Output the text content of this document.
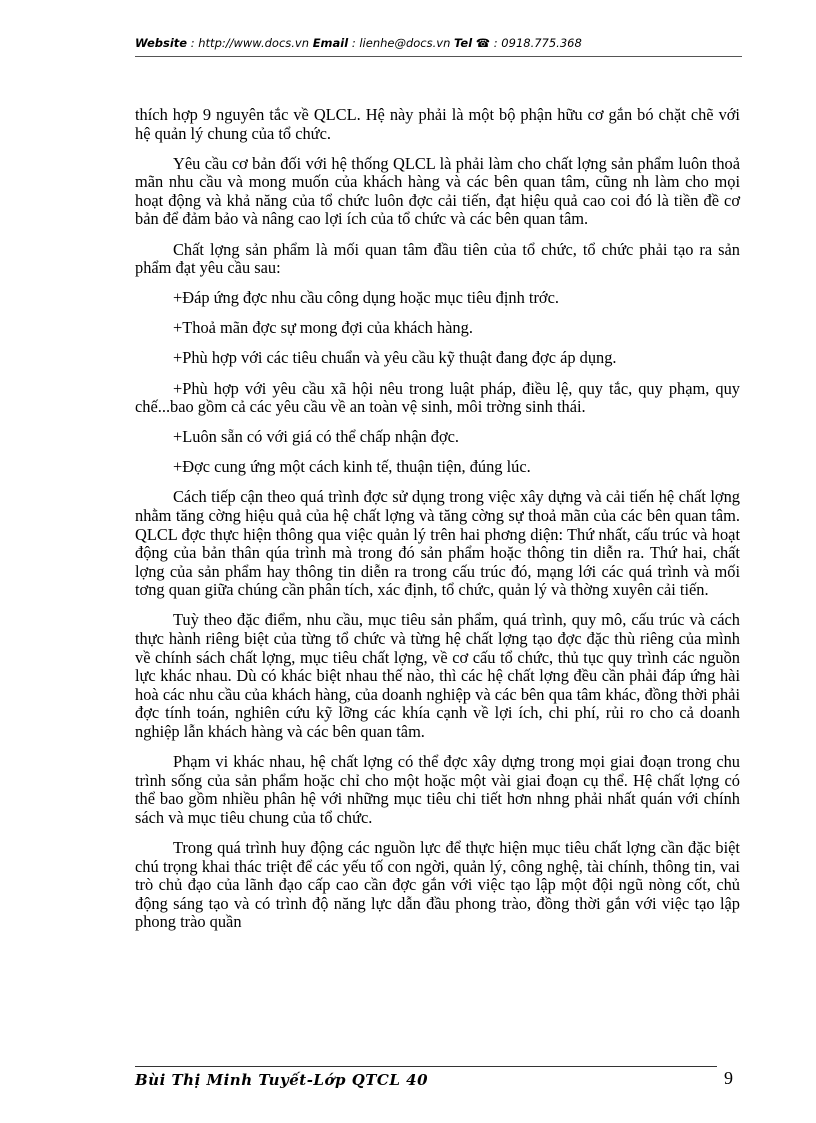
Website : http://www.docs.vn Email : lienhe@docs.vn Tel ☎ : 0918.775.368

thích hợp 9 nguyên tắc về QLCL. Hệ này phải là một bộ phận hữu cơ gắn bó chặt chẽ với hệ quản lý chung của tổ chức.

Yêu cầu cơ bản đối với hệ thống QLCL là phải làm cho chất lợng sản phẩm luôn thoả mãn nhu cầu và mong muốn của khách hàng và các bên quan tâm, cũng nh làm cho mọi hoạt động và khả năng của tổ chức luôn đợc cải tiến, đạt hiệu quả cao coi đó là tiền đề cơ bản để đảm bảo và nâng cao lợi ích của tổ chức và các bên quan tâm.

Chất lợng sản phẩm là mối quan tâm đầu tiên của tổ chức, tổ chức phải tạo ra sản phẩm đạt yêu cầu sau:

+Đáp ứng đợc nhu cầu công dụng hoặc mục tiêu định trớc.

+Thoả mãn đợc sự mong đợi của khách hàng.

+Phù hợp với các tiêu chuẩn và yêu cầu kỹ thuật đang đợc áp dụng.

+Phù hợp với yêu cầu xã hội nêu trong luật pháp, điều lệ, quy tắc, quy phạm, quy chế...bao gồm cả các yêu cầu về an toàn vệ sinh, môi trờng sinh thái.

+Luôn sẵn có với giá có thể chấp nhận đợc.

+Đợc cung ứng một cách kinh tế, thuận tiện, đúng lúc.

Cách tiếp cận theo quá trình đợc sử dụng trong việc xây dựng và cải tiến hệ chất lợng nhằm tăng cờng hiệu quả của hệ chất lợng và tăng cờng sự thoả mãn của các bên quan tâm. QLCL đợc thực hiện thông qua việc quản lý trên hai phơng diện: Thứ nhất, cấu trúc và hoạt động của bản thân qúa trình mà trong đó sản phẩm hoặc thông tin diễn ra. Thứ hai, chất lợng của sản phẩm hay thông tin diễn ra trong cấu trúc đó, mạng lới các quá trình và mối tơng quan giữa chúng cần phân tích, xác định, tổ chức, quản lý và thờng xuyên cải tiến.

Tuỳ theo đặc điểm, nhu cầu, mục tiêu sản phẩm, quá trình, quy mô, cấu trúc và cách thực hành riêng biệt của từng tổ chức và từng hệ chất lợng tạo đợc đặc thù riêng của mình về chính sách chất lợng, mục tiêu chất lợng, về cơ cấu tổ chức, thủ tục quy trình các nguồn lực khác nhau. Dù có khác biệt nhau thế nào, thì các hệ chất lợng đều cần phải đáp ứng hài hoà các nhu cầu của khách hàng, của doanh nghiệp và các bên qua tâm khác, đồng thời phải đợc tính toán, nghiên cứu kỹ lỡng các khía cạnh về lợi ích, chi phí, rủi ro cho cả doanh nghiệp lẫn khách hàng và các bên quan tâm.

Phạm vi khác nhau, hệ chất lợng có thể đợc xây dựng trong mọi giai đoạn trong chu trình sống của sản phẩm hoặc chỉ cho một hoặc một vài giai đoạn cụ thể. Hệ chất lợng có thể bao gồm nhiều phân hệ với những mục tiêu chi tiết hơn nhng phải nhất quán với chính sách và mục tiêu chung của tổ chức.

Trong quá trình huy động các nguồn lực để thực hiện mục tiêu chất lợng cần đặc biệt chú trọng khai thác triệt để các yếu tố con ngời, quản lý, công nghệ, tài chính, thông tin, vai trò chủ đạo của lãnh đạo cấp cao cần đợc gắn với việc tạo lập một đội ngũ nòng cốt, chủ động sáng tạo và có trình độ năng lực dẫn đầu phong trào, đồng thời gắn với việc tạo lập phong trào quần

Bùi Thị Minh Tuyết-Lớp QTCL 40	9
